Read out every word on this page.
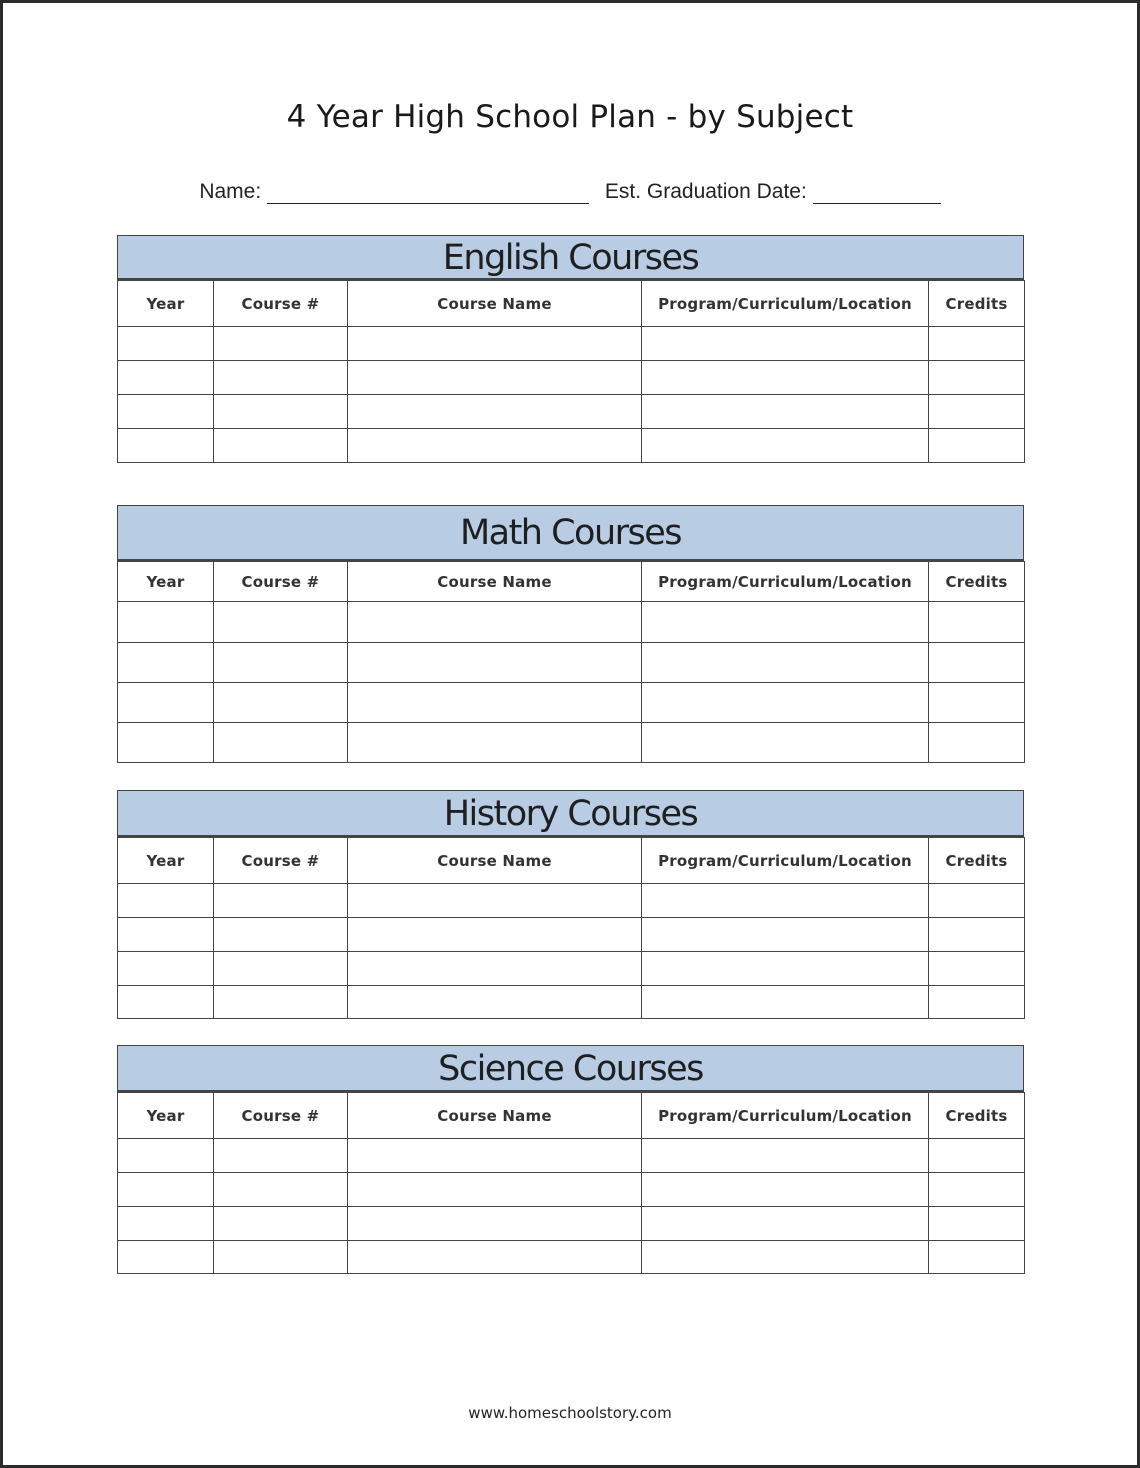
4 Year High School Plan - by Subject
Name:	Est. Graduation Date:
English Courses
Year	Course #	Course Name	Program/Curriculum/Location	Credits

Math Courses
Year	Course #	Course Name	Program/Curriculum/Location	Credits

History Courses
Year	Course #	Course Name	Program/Curriculum/Location	Credits

Science Courses
Year	Course #	Course Name	Program/Curriculum/Location	Credits

www.homeschoolstory.com
